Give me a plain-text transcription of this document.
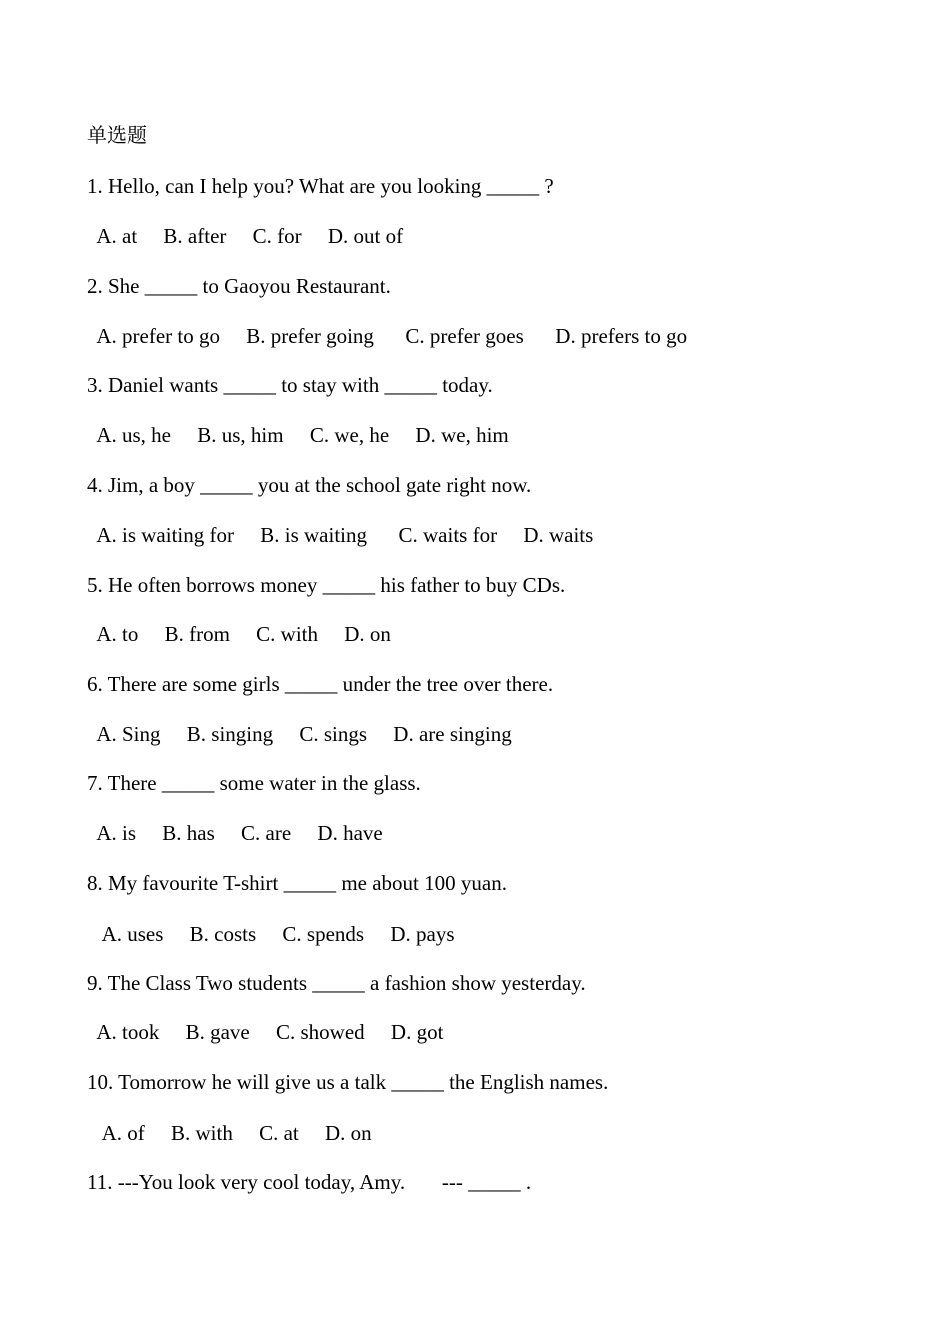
单选题
1. Hello, can I help you? What are you looking _____ ?
A. at     B. after     C. for     D. out of
2. She _____ to Gaoyou Restaurant.
A. prefer to go     B. prefer going      C. prefer goes      D. prefers to go
3. Daniel wants _____ to stay with _____ today.
A. us, he     B. us, him     C. we, he     D. we, him
4. Jim, a boy _____ you at the school gate right now.
A. is waiting for     B. is waiting      C. waits for     D. waits
5. He often borrows money _____ his father to buy CDs.
A. to     B. from     C. with     D. on
6. There are some girls _____ under the tree over there.
A. Sing     B. singing     C. sings     D. are singing
7. There _____ some water in the glass.
A. is     B. has     C. are     D. have
8. My favourite T-shirt _____ me about 100 yuan.
A. uses     B. costs     C. spends     D. pays
9. The Class Two students _____ a fashion show yesterday.
A. took     B. gave     C. showed     D. got
10. Tomorrow he will give us a talk _____ the English names.
A. of     B. with     C. at     D. on
11. ---You look very cool today, Amy.       --- _____ .
